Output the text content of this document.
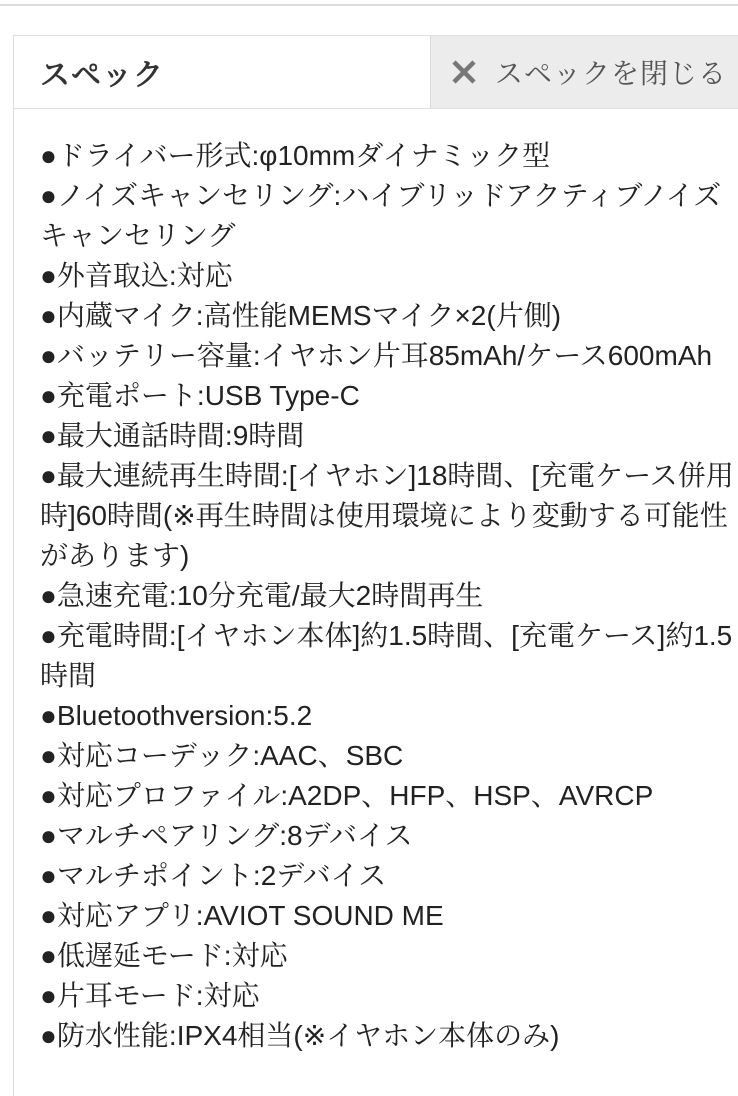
スペック	スペックを閉じる

●ドライバー形式:φ10mmダイナミック型

●ノイズキャンセリング:ハイブリッドアクティブノイズキャンセリング

●外音取込:対応

●内蔵マイク:高性能MEMSマイク×2(片側)

●バッテリー容量:イヤホン片耳85mAh/ケース600mAh

●充電ポート:USB Type-C

●最大通話時間:9時間

●最大連続再生時間:[イヤホン]18時間、[充電ケース併用時]60時間(※再生時間は使用環境により変動する可能性があります)

●急速充電:10分充電/最大2時間再生

●充電時間:[イヤホン本体]約1.5時間、[充電ケース]約1.5時間

●Bluetoothversion:5.2

●対応コーデック:AAC、SBC

●対応プロファイル:A2DP、HFP、HSP、AVRCP

●マルチペアリング:8デバイス

●マルチポイント:2デバイス

●対応アプリ:AVIOT SOUND ME

●低遅延モード:対応

●片耳モード:対応

●防水性能:IPX4相当(※イヤホン本体のみ)
